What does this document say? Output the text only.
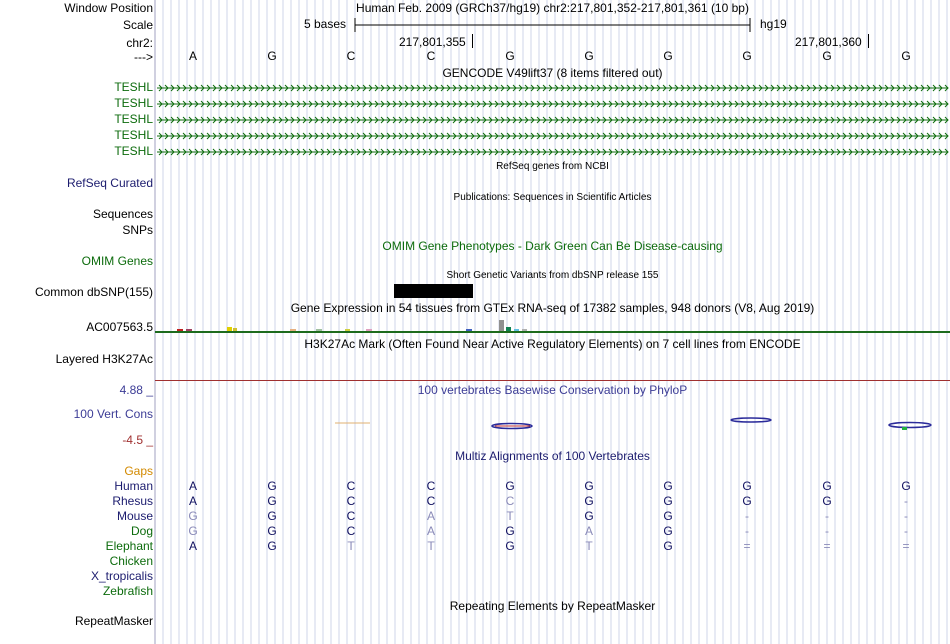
Window Position	Human Feb. 2009 (GRCh37/hg19) chr2:217,801,352-217,801,361 (10 bp)
Scale	5 bases	hg19
chr2:	217,801,355	217,801,360
--->	A	G	C	C	G	G	G	G	G	G
GENCODE V49lift37 (8 items filtered out)
TESHL
TESHL
TESHL
TESHL
TESHL
RefSeq genes from NCBI
RefSeq Curated
Publications: Sequences in Scientific Articles
Sequences
SNPs
OMIM Gene Phenotypes - Dark Green Can Be Disease-causing
OMIM Genes
Short Genetic Variants from dbSNP release 155
Common dbSNP(155)
Gene Expression in 54 tissues from GTEx RNA-seq of 17382 samples, 948 donors (V8, Aug 2019)
AC007563.5
H3K27Ac Mark (Often Found Near Active Regulatory Elements) on 7 cell lines from ENCODE
Layered H3K27Ac
100 vertebrates Basewise Conservation by PhyloP
4.88 _
100 Vert. Cons
-4.5 _
Multiz Alignments of 100 Vertebrates
Gaps
Human	A	G	C	C	G	G	G	G	G	G
Rhesus	A	G	C	C	C	G	G	G	G	-
Mouse	G	G	C	A	T	G	G	-	-	-
Dog	G	G	C	A	G	A	G	-	-	-
Elephant	A	G	T	T	G	T	G	=	=	=
Chicken
X_tropicalis
Zebrafish
Repeating Elements by RepeatMasker
RepeatMasker
